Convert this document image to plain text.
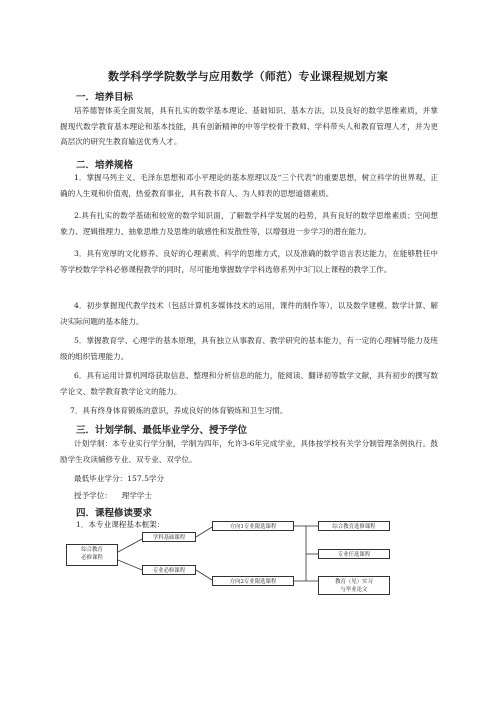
数学科学学院数学与应用数学（师范）专业课程规划方案
一．培养目标
培养德智体美全面发展，具有扎实的数学基本理论、基础知识、基本方法，以及良好的数学思维素质，并掌握现代数学教育基本理论和基本技能，具有创新精神的中等学校骨干教师、学科带头人和教育管理人才，并为更高层次的研究生教育输送优秀人才。
二．培养规格
1．掌握马列主义、毛泽东思想和邓小平理论的基本原理以及“三个代表”的重要思想，树立科学的世界观、正确的人生观和价值观，热爱教育事业，具有教书育人、为人师表的思想道德素质。
2.具有扎实的数学基础和较宽的数学知识面，了解数学科学发展的趋势，具有良好的数学思维素质；空间想象力、逻辑推理力、抽象思维力及思维的敏感性和发散性等，以增强进一步学习的潜在能力。
3．具有宽厚的文化修养、良好的心理素质、科学的思维方式，以及准确的数学语言表达能力，在能够胜任中等学校数学学科必修课程教学的同时，尽可能地掌握数学学科选修系列中3门以上课程的教学工作。
4．初步掌握现代教学技术（包括计算机多媒体技术的运用，课件的制作等），以及数学建模、数学计算、解决实际问题的基本能力。
5．掌握教育学、心理学的基本原理，具有独立从事教育、教学研究的基本能力，有一定的心理辅导能力及班级的组织管理能力。
6．具有运用计算机网络获取信息、整理和分析信息的能力，能阅读、翻译初等数学文献，具有初步的撰写数学论文、数学教育教学论文的能力。
7．具有终身体育锻炼的意识，养成良好的体育锻炼和卫生习惯。
三．计划学制、最低毕业学分、授予学位
计划学制：本专业实行学分制，学制为四年，允许3-6年完成学业，具体按学校有关学分制管理条例执行。鼓励学生攻读辅修专业、双专业、双学位。
最低毕业学分：157.5学分
授予学位：    理学学士
四．课程修读要求
1．本专业课程基本框架：
综合教育
必修课程
学科基础课程
专业必修课程
方向1专业限选课程
方向2专业限选课程
综合教育选修课程
专业任选课程
教育（见）实习
与毕业论文
